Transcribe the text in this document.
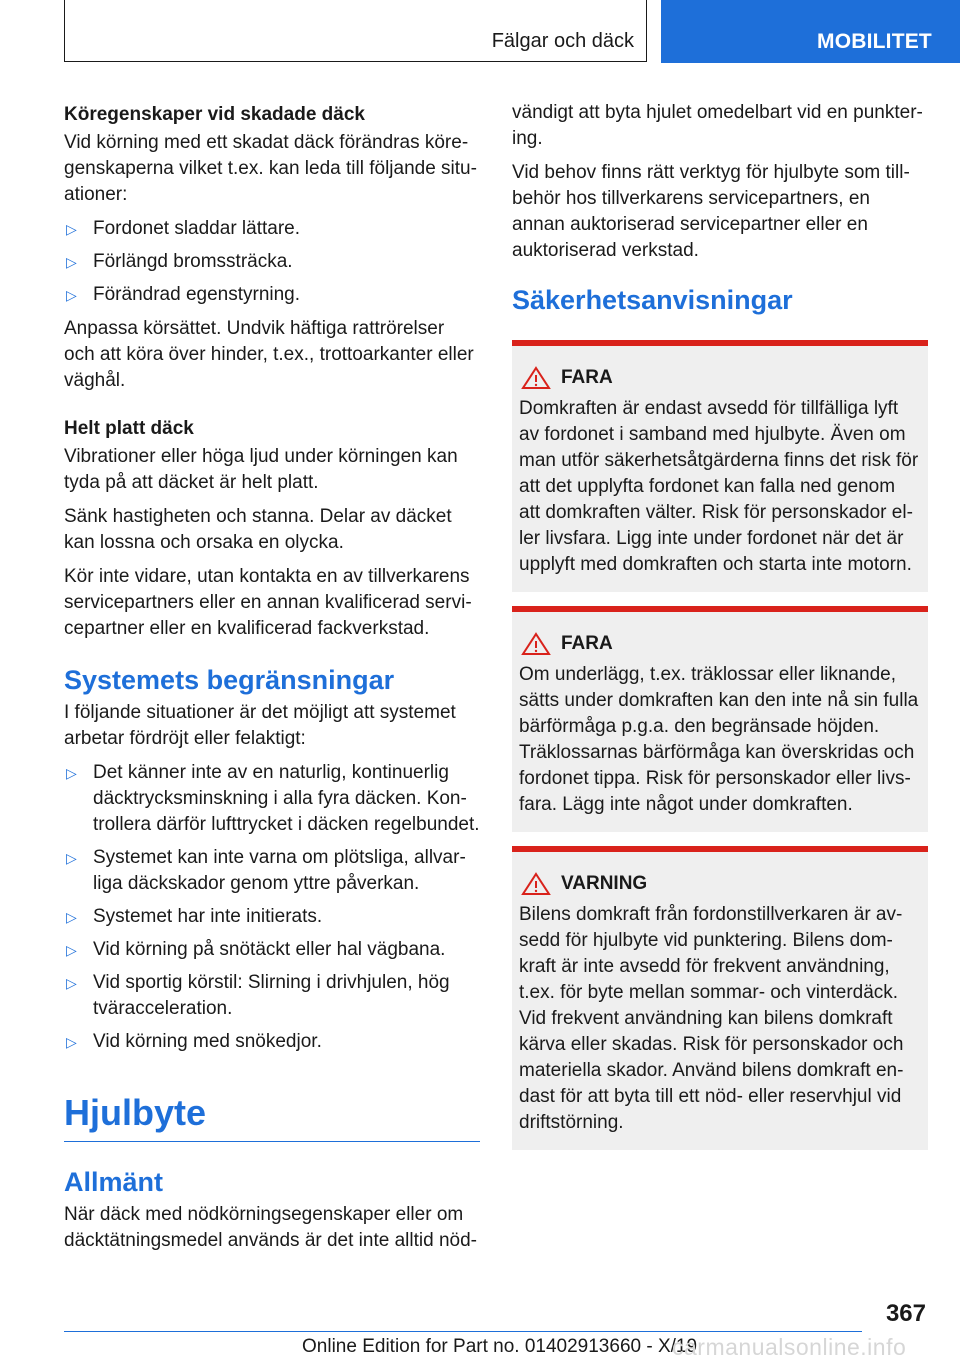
Fälgar och däck	MOBILITET
Köregenskaper vid skadade däck

Vid körning med ett skadat däck förändras köregenskaperna vilket t.ex. kan leda till följande situationer:

▷ Fordonet sladdar lättare.
▷ Förlängd bromssträcka.
▷ Förändrad egenstyrning.

Anpassa körsättet. Undvik häftiga rattrörelser och att köra över hinder, t.ex., trottoarkanter eller väghål.

Helt platt däck

Vibrationer eller höga ljud under körningen kan tyda på att däcket är helt platt.

Sänk hastigheten och stanna. Delar av däcket kan lossna och orsaka en olycka.

Kör inte vidare, utan kontakta en av tillverkarens servicepartners eller en annan kvalificerad servicepartner eller en kvalificerad fackverkstad.

Systemets begränsningar

I följande situationer är det möjligt att systemet arbetar fördröjt eller felaktigt:

▷ Det känner inte av en naturlig, kontinuerlig däcktrycksminskning i alla fyra däcken. Kontrollera därför lufttrycket i däcken regelbundet.
▷ Systemet kan inte varna om plötsliga, allvarliga däckskador genom yttre påverkan.
▷ Systemet har inte initierats.
▷ Vid körning på snötäckt eller hal vägbana.
▷ Vid sportig körstil: Slirning i drivhjulen, hög tväracceleration.
▷ Vid körning med snökedjor.
Hjulbyte
Allmänt

När däck med nödkörningsegenskaper eller om däcktätningsmedel används är det inte alltid nöd-

vändigt att byta hjulet omedelbart vid en punktering.

Vid behov finns rätt verktyg för hjulbyte som tillbehör hos tillverkarens servicepartners, en annan auktoriserad servicepartner eller en auktoriserad verkstad.

Säkerhetsanvisningar
FARA

Domkraften är endast avsedd för tillfälliga lyft av fordonet i samband med hjulbyte. Även om man utför säkerhetsåtgärderna finns det risk för att det upplyfta fordonet kan falla ned genom att domkraften välter. Risk för personskador eller livsfara. Ligg inte under fordonet när det är upplyft med domkraften och starta inte motorn.

FARA

Om underlägg, t.ex. träklossar eller liknande, sätts under domkraften kan den inte nå sin fulla bärförmåga p.g.a. den begränsade höjden. Träklossarnas bärförmåga kan överskridas och fordonet tippa. Risk för personskador eller livsfara. Lägg inte något under domkraften.

VARNING

Bilens domkraft från fordonstillverkaren är avsedd för hjulbyte vid punktering. Bilens domkraft är inte avsedd för frekvent användning, t.ex. för byte mellan sommar- och vinterdäck. Vid frekvent användning kan bilens domkraft kärva eller skadas. Risk för personskador och materiella skador. Använd bilens domkraft endast för att byta till ett nöd- eller reservhjul vid driftstörning.

367
Online Edition for Part no. 01402913660 - X/19
carmanualsonline.info
